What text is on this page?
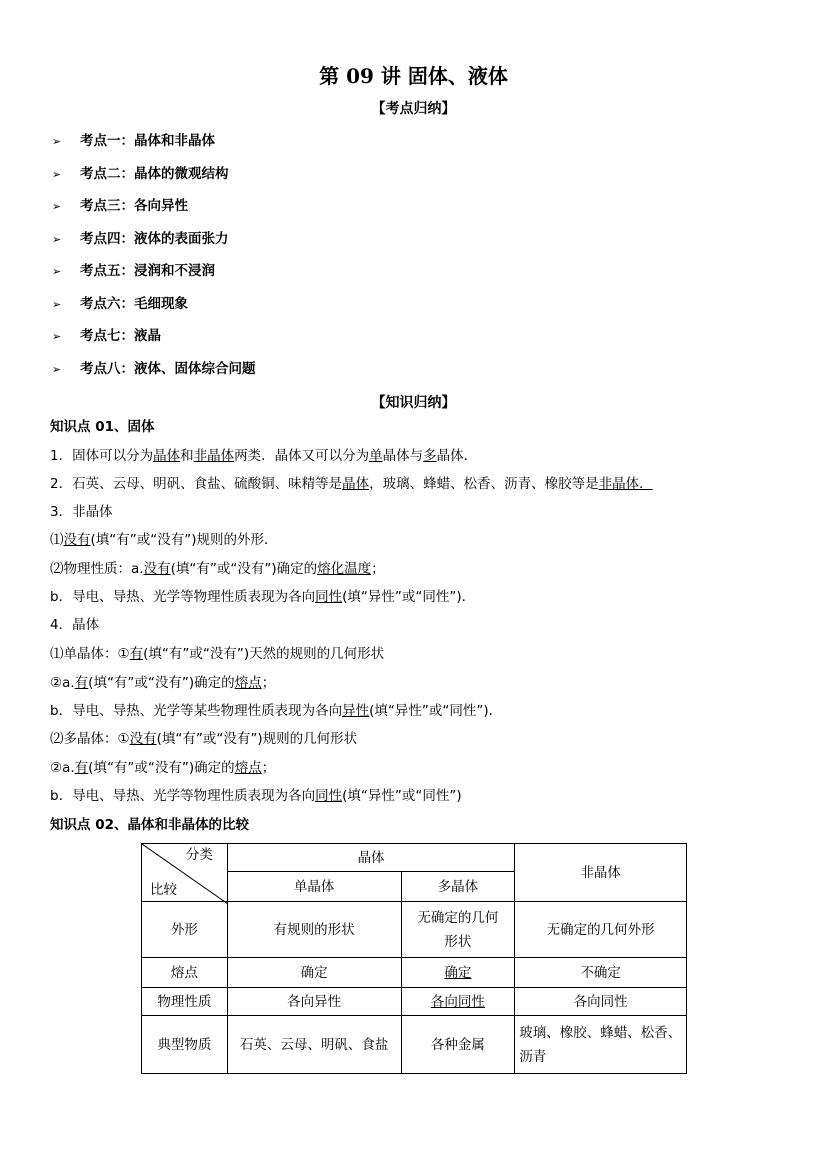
第 09 讲 固体、液体
【考点归纳】
➢ 考点一：晶体和非晶体
➢ 考点二：晶体的微观结构
➢ 考点三：各向异性
➢ 考点四：液体的表面张力
➢ 考点五：浸润和不浸润
➢ 考点六：毛细现象
➢ 考点七：液晶
➢ 考点八：液体、固体综合问题
【知识归纳】
知识点 01、固体
1．固体可以分为晶体和非晶体两类．晶体又可以分为单晶体与多晶体．
2．石英、云母、明矾、食盐、硫酸铜、味精等是晶体，玻璃、蜂蜡、松香、沥青、橡胶等是非晶体．
3．非晶体
⑴没有(填“有”或“没有”)规则的外形．
⑵物理性质：a.没有(填“有”或“没有”)确定的熔化温度；
b．导电、导热、光学等物理性质表现为各向同性(填“异性”或“同性”)．
4．晶体
⑴单晶体：①有(填“有”或“没有”)天然的规则的几何形状
②a.有(填“有”或“没有”)确定的熔点；
b．导电、导热、光学等某些物理性质表现为各向异性(填“异性”或“同性”)．
⑵多晶体：①没有(填“有”或“没有”)规则的几何形状
②a.有(填“有”或“没有”)确定的熔点；
b．导电、导热、光学等物理性质表现为各向同性(填“异性”或“同性”)
知识点 02、晶体和非晶体的比较
分类
比较	晶体		非晶体
	单晶体	多晶体	
外形	有规则的形状	无确定的几何形状	无确定的几何外形
熔点	确定	确定	不确定
物理性质	各向异性	各向同性	各向同性
典型物质	石英、云母、明矾、食盐	各种金属	玻璃、橡胶、蜂蜡、松香、沥青
